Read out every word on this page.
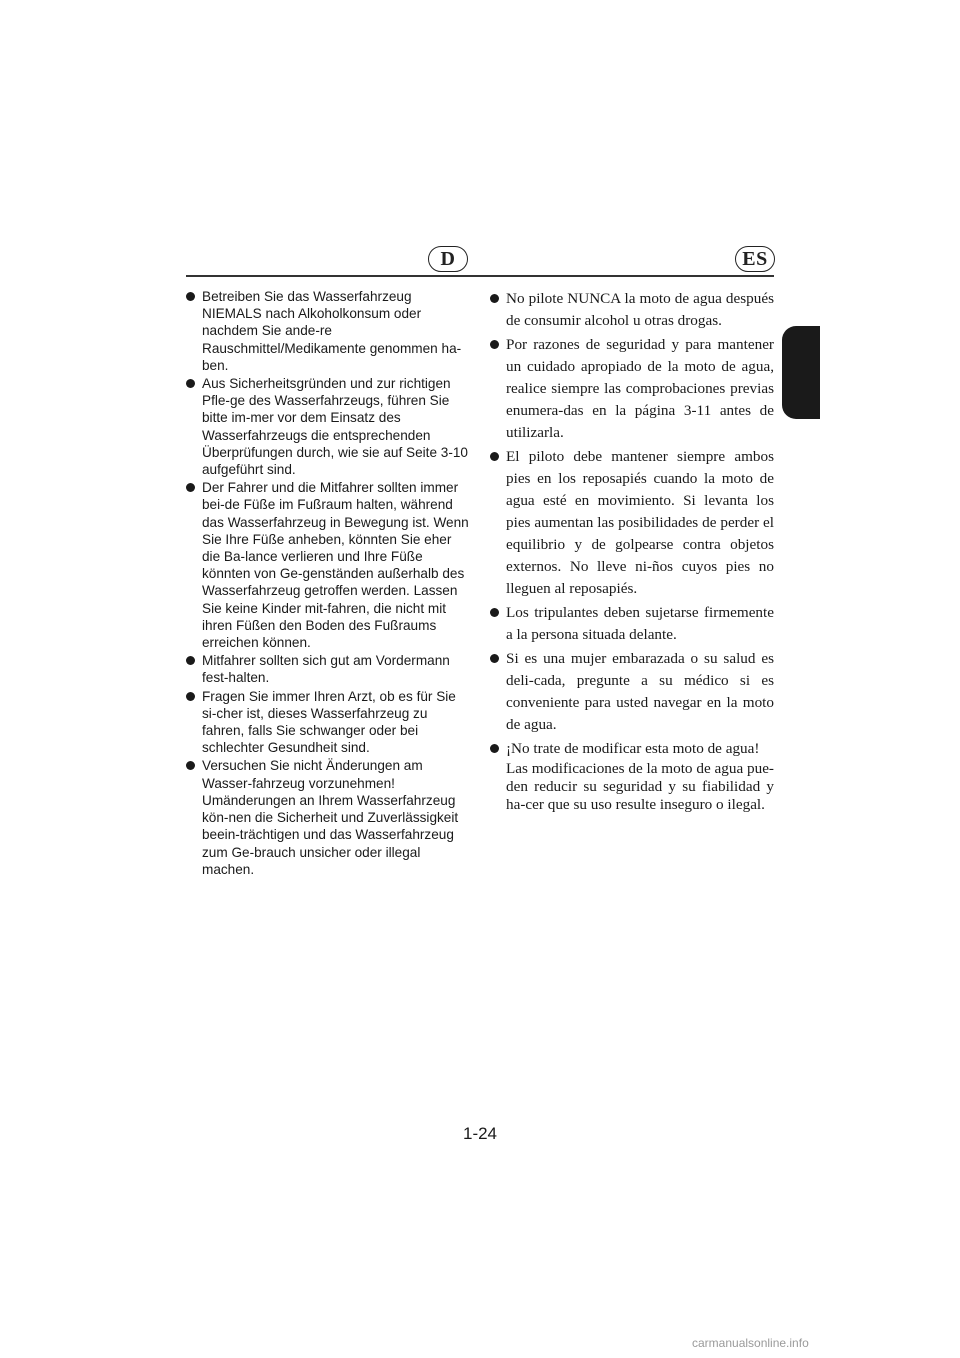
D	ES
Betreiben Sie das Wasserfahrzeug NIEMALS nach Alkoholkonsum oder nachdem Sie ande-re Rauschmittel/Medikamente genommen ha-ben.
Aus Sicherheitsgründen und zur richtigen Pfle-ge des Wasserfahrzeugs, führen Sie bitte im-mer vor dem Einsatz des Wasserfahrzeugs die entsprechenden Überprüfungen durch, wie sie auf Seite 3-10 aufgeführt sind.
Der Fahrer und die Mitfahrer sollten immer bei-de Füße im Fußraum halten, während das Wasserfahrzeug in Bewegung ist. Wenn Sie Ihre Füße anheben, könnten Sie eher die Ba-lance verlieren und Ihre Füße könnten von Ge-genständen außerhalb des Wasserfahrzeug getroffen werden. Lassen Sie keine Kinder mit-fahren, die nicht mit ihren Füßen den Boden des Fußraums erreichen können.
Mitfahrer sollten sich gut am Vordermann fest-halten.
Fragen Sie immer Ihren Arzt, ob es für Sie si-cher ist, dieses Wasserfahrzeug zu fahren, falls Sie schwanger oder bei schlechter Gesundheit sind.
Versuchen Sie nicht Änderungen am Wasser-fahrzeug vorzunehmen!
Umänderungen an Ihrem Wasserfahrzeug kön-nen die Sicherheit und Zuverlässigkeit beein-trächtigen und das Wasserfahrzeug zum Ge-brauch unsicher oder illegal machen.
No pilote NUNCA la moto de agua después de consumir alcohol u otras drogas.
Por razones de seguridad y para mantener un cuidado apropiado de la moto de agua, realice siempre las comprobaciones previas enumera-das en la página 3-11 antes de utilizarla.
El piloto debe mantener siempre ambos pies en los reposapiés cuando la moto de agua esté en movimiento. Si levanta los pies aumentan las posibilidades de perder el equilibrio y de golpearse contra objetos externos. No lleve ni-ños cuyos pies no lleguen al reposapiés.
Los tripulantes deben sujetarse firmemente a la persona situada delante.
Si es una mujer embarazada o su salud es deli-cada, pregunte a su médico si es conveniente para usted navegar en la moto de agua.
¡No trate de modificar esta moto de agua!
Las modificaciones de la moto de agua pue-den reducir su seguridad y su fiabilidad y ha-cer que su uso resulte inseguro o ilegal.
1-24
carmanualsonline.info
